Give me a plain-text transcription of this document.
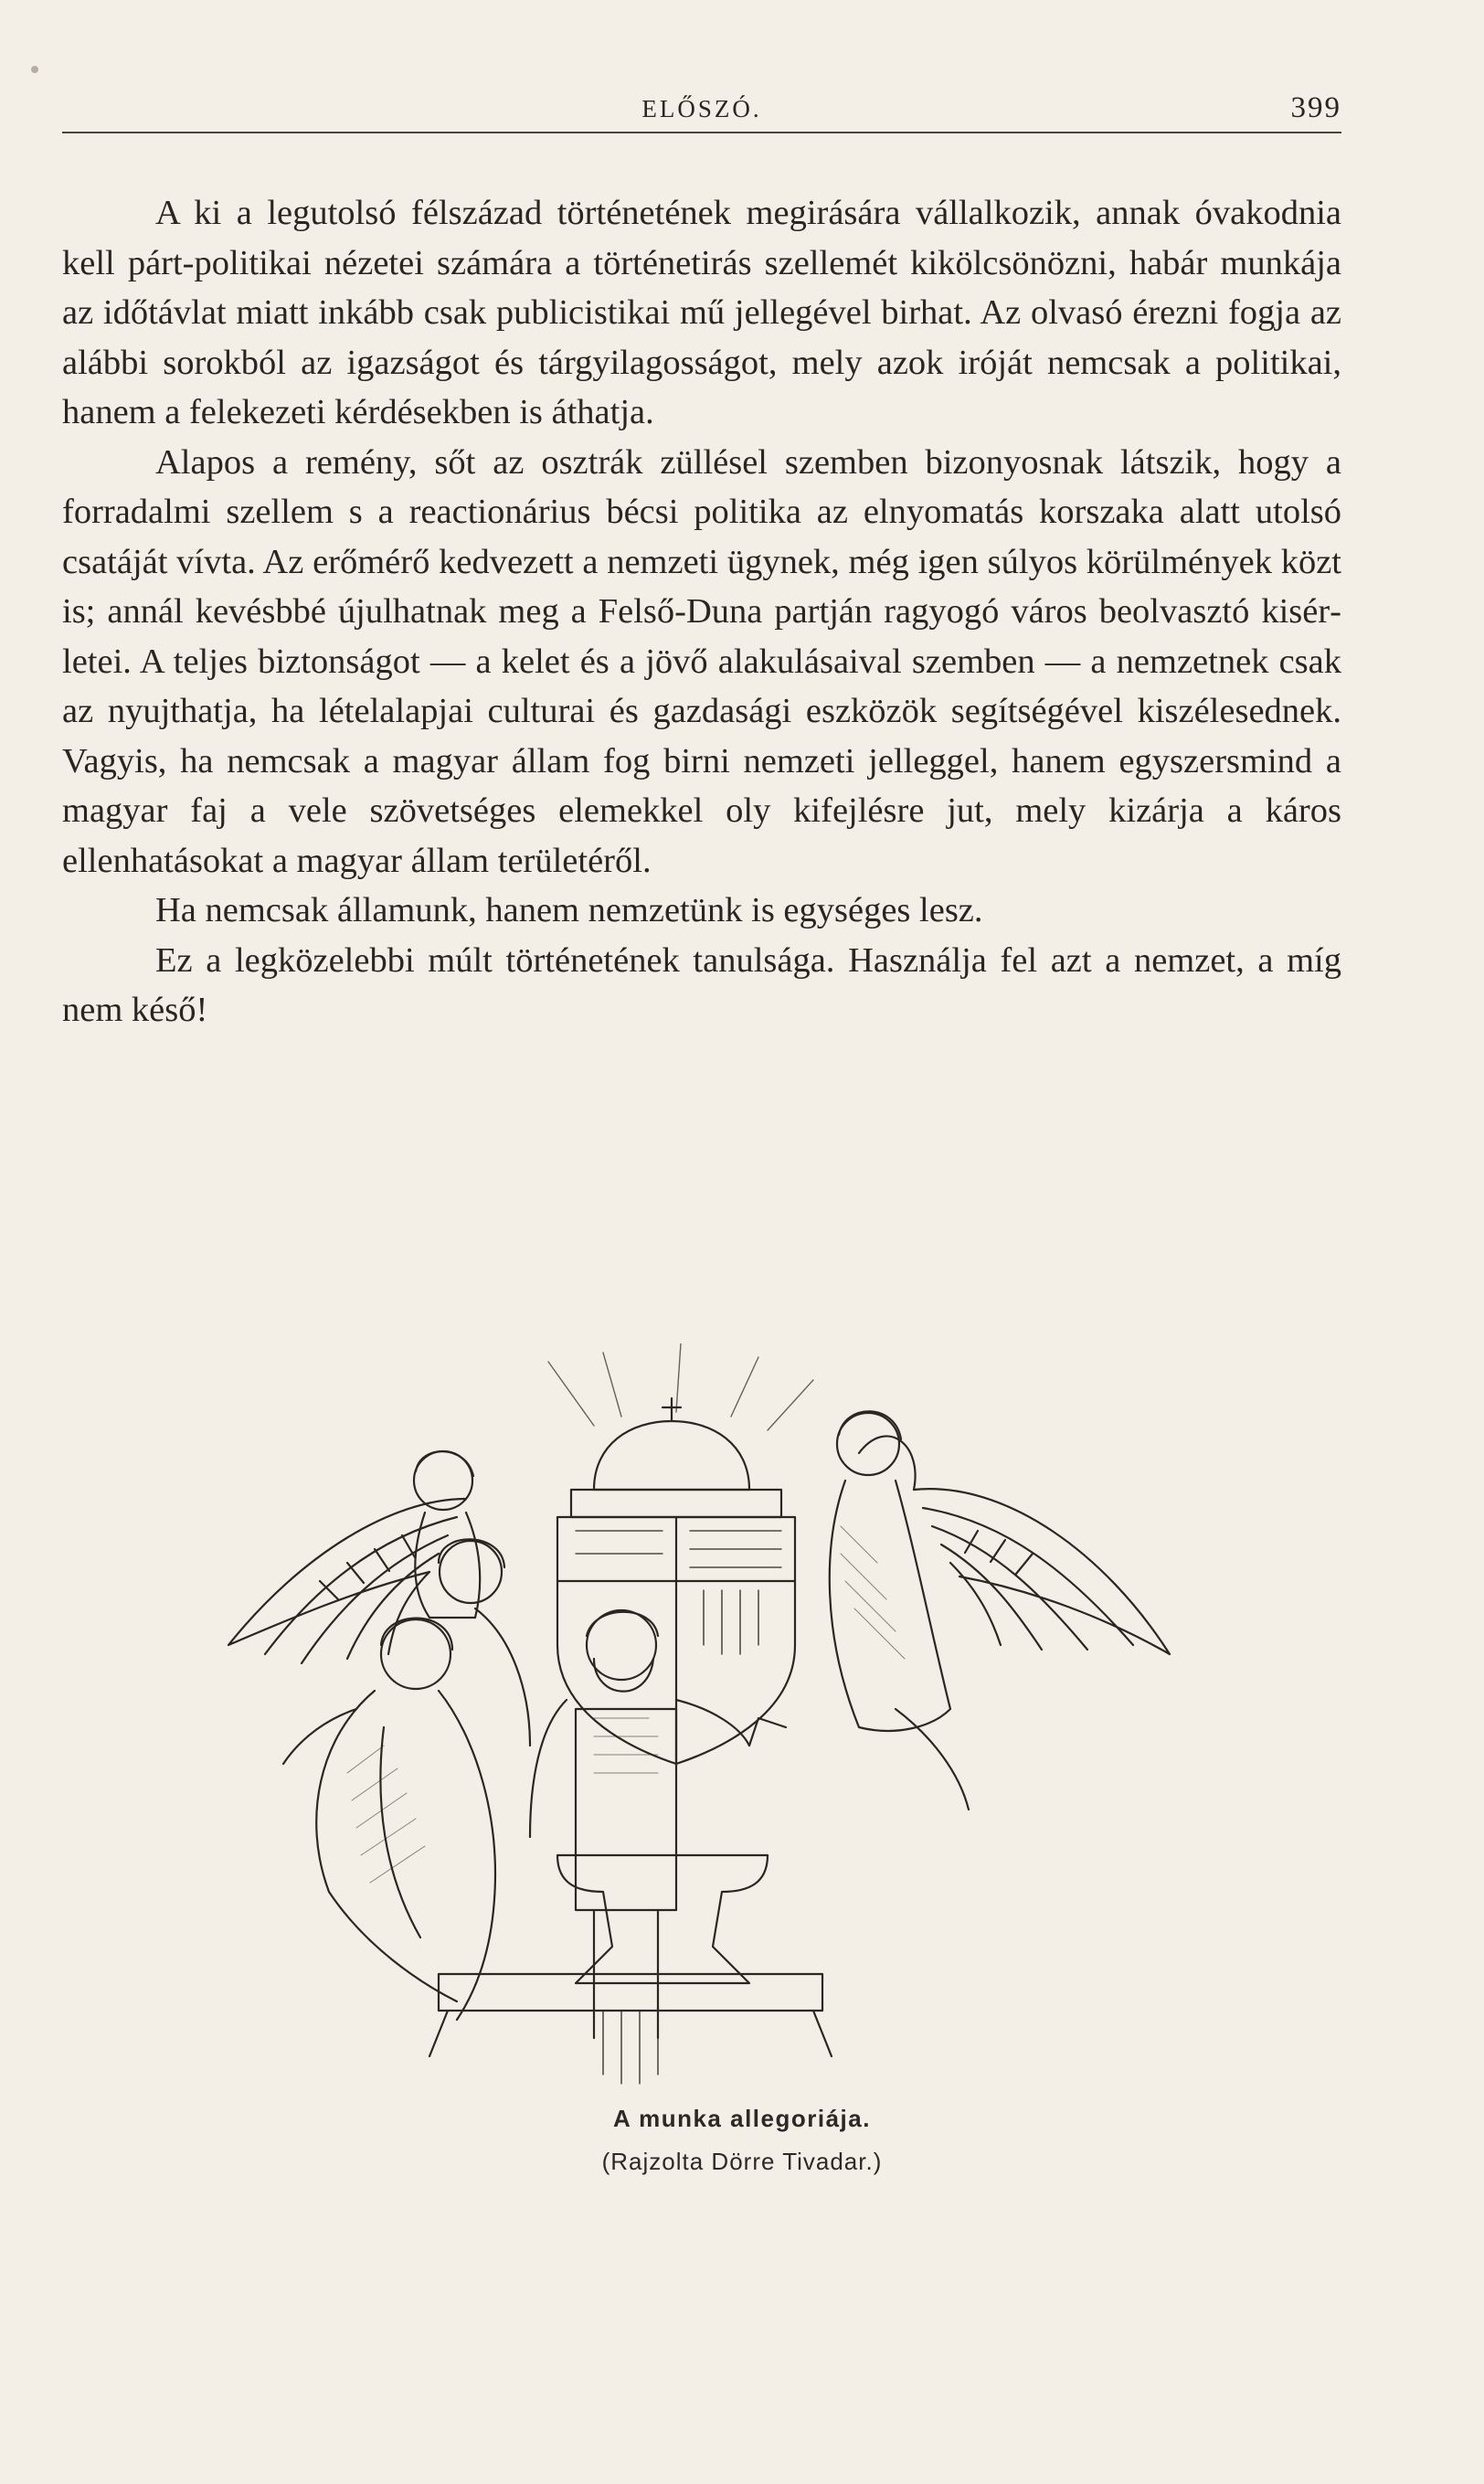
ELŐSZÓ.	399

A ki a legutolsó félszázad történetének megirására vállalkozik, annak óvakodnia kell párt-politikai nézetei számára a történetirás szellemét kikölcsönözni, habár munkája az időtávlat miatt inkább csak publicistikai mű jellegével birhat. Az olvasó érezni fogja az alábbi sorokból az igazságot és tárgyilagosságot, mely azok iróját nemcsak a politikai, hanem a felekezeti kérdésekben is áthatja.

Alapos a remény, sőt az osztrák züllésel szemben bizonyosnak látszik, hogy a forradalmi szellem s a reactionárius bécsi politika az elnyomatás korszaka alatt utolsó csatáját vívta. Az erőmérő kedvezett a nemzeti ügynek, még igen súlyos körülmények közt is; annál kevésbbé újulhatnak meg a Felső-Duna partján ragyogó város beolvasztó kisérletei. A teljes biztonságot — a kelet és a jövő alakulásaival szemben — a nemzetnek csak az nyujthatja, ha lételalapjai culturai és gazdasági eszközök segítségével kiszélesednek. Vagyis, ha nemcsak a magyar állam fog birni nemzeti jelleggel, hanem egyszersmind a magyar faj a vele szövetséges elemekkel oly kifejlésre jut, mely kizárja a káros ellenhatásokat a magyar állam területéről.

Ha nemcsak államunk, hanem nemzetünk is egységes lesz.

Ez a legközelebbi múlt történetének tanulsága. Használja fel azt a nemzet, a míg nem késő!

A munka allegoriája.
(Rajzolta Dörre Tivadar.)
